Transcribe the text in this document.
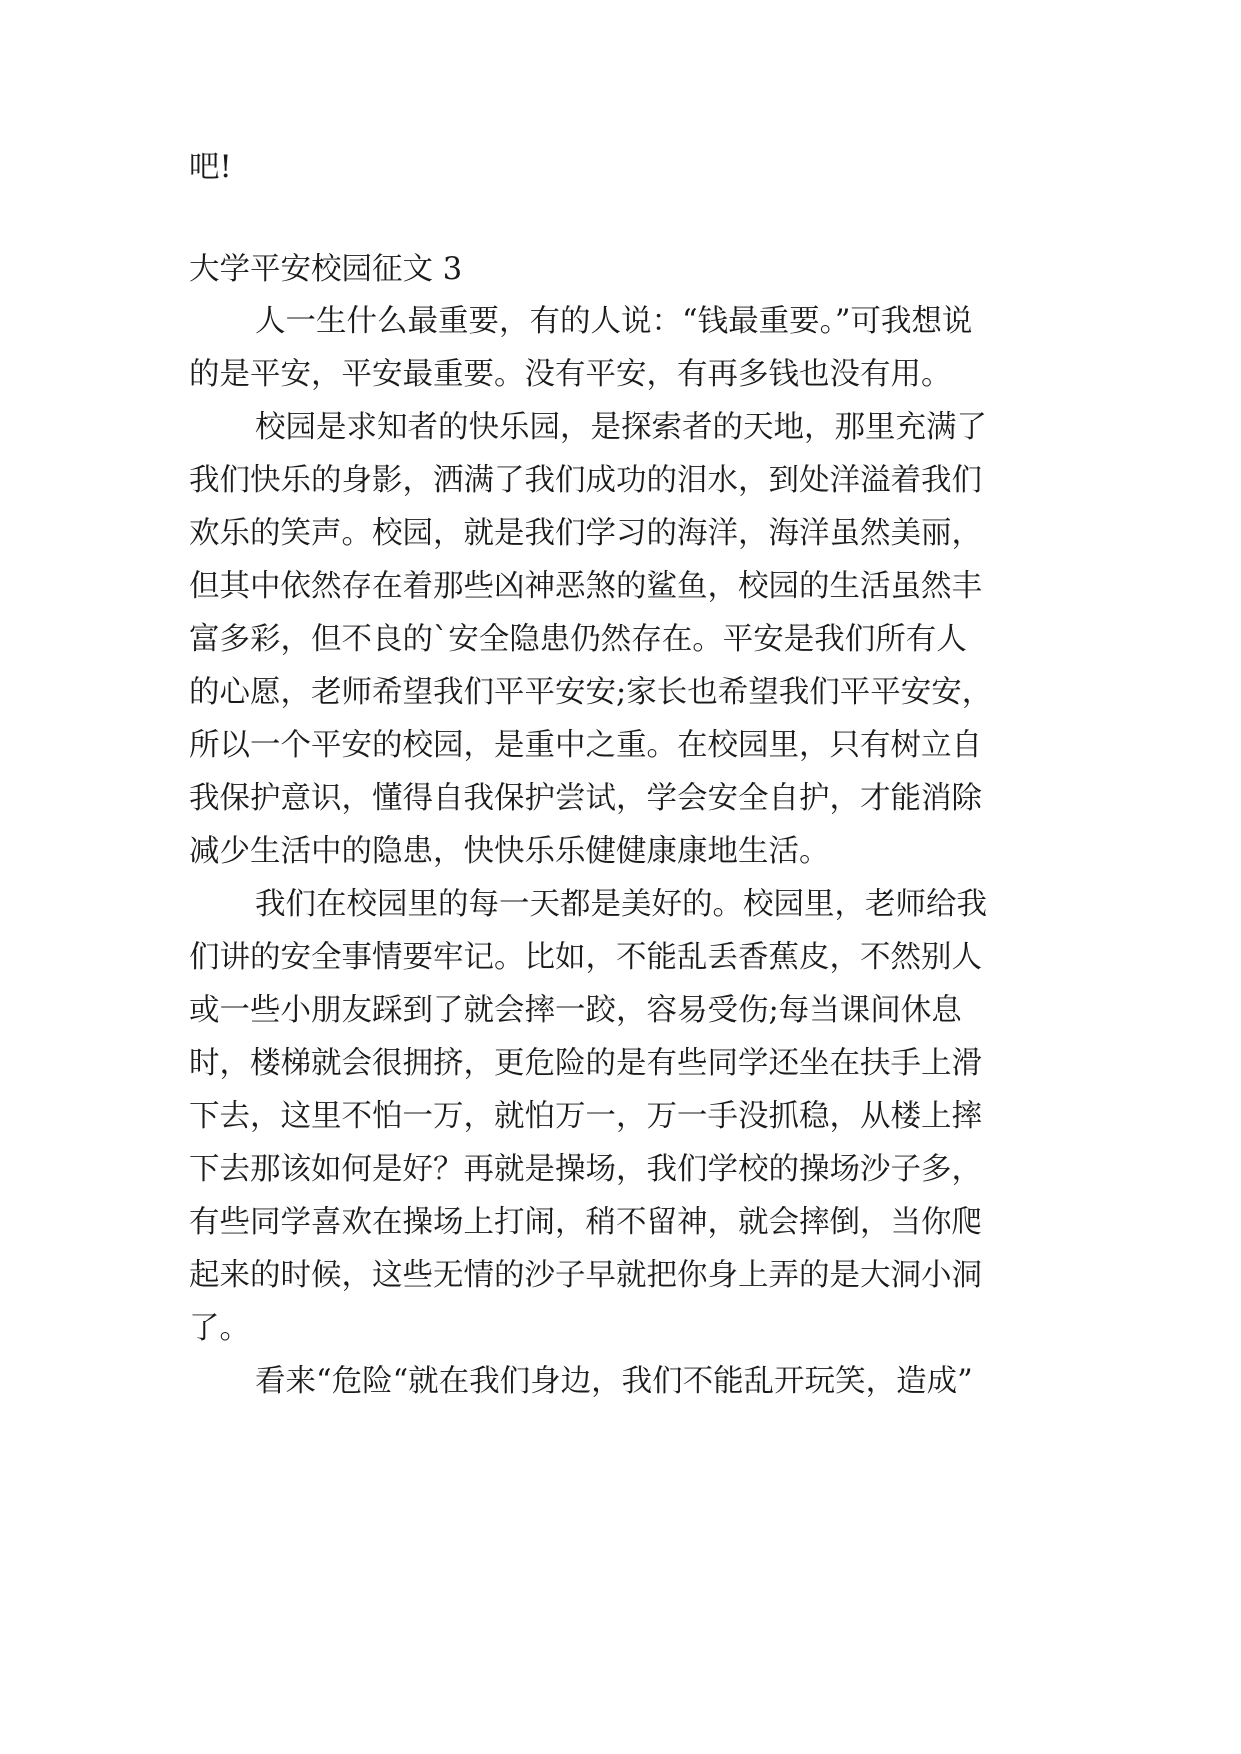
吧!

大学平安校园征文 3

人一生什么最重要，有的人说：“钱最重要。”可我想说

的是平安，平安最重要。没有平安，有再多钱也没有用。

校园是求知者的快乐园，是探索者的天地，那里充满了

我们快乐的身影，洒满了我们成功的泪水，到处洋溢着我们

欢乐的笑声。校园，就是我们学习的海洋，海洋虽然美丽，

但其中依然存在着那些凶神恶煞的鲨鱼，校园的生活虽然丰

富多彩，但不良的`安全隐患仍然存在。平安是我们所有人

的心愿，老师希望我们平平安安;家长也希望我们平平安安，

所以一个平安的校园，是重中之重。在校园里，只有树立自

我保护意识，懂得自我保护尝试，学会安全自护，才能消除

减少生活中的隐患，快快乐乐健健康康地生活。

我们在校园里的每一天都是美好的。校园里，老师给我

们讲的安全事情要牢记。比如，不能乱丢香蕉皮，不然别人

或一些小朋友踩到了就会摔一跤，容易受伤;每当课间休息

时，楼梯就会很拥挤，更危险的是有些同学还坐在扶手上滑

下去，这里不怕一万，就怕万一，万一手没抓稳，从楼上摔

下去那该如何是好？再就是操场，我们学校的操场沙子多，

有些同学喜欢在操场上打闹，稍不留神，就会摔倒，当你爬

起来的时候，这些无情的沙子早就把你身上弄的是大洞小洞

了。

看来“危险“就在我们身边，我们不能乱开玩笑，造成”
